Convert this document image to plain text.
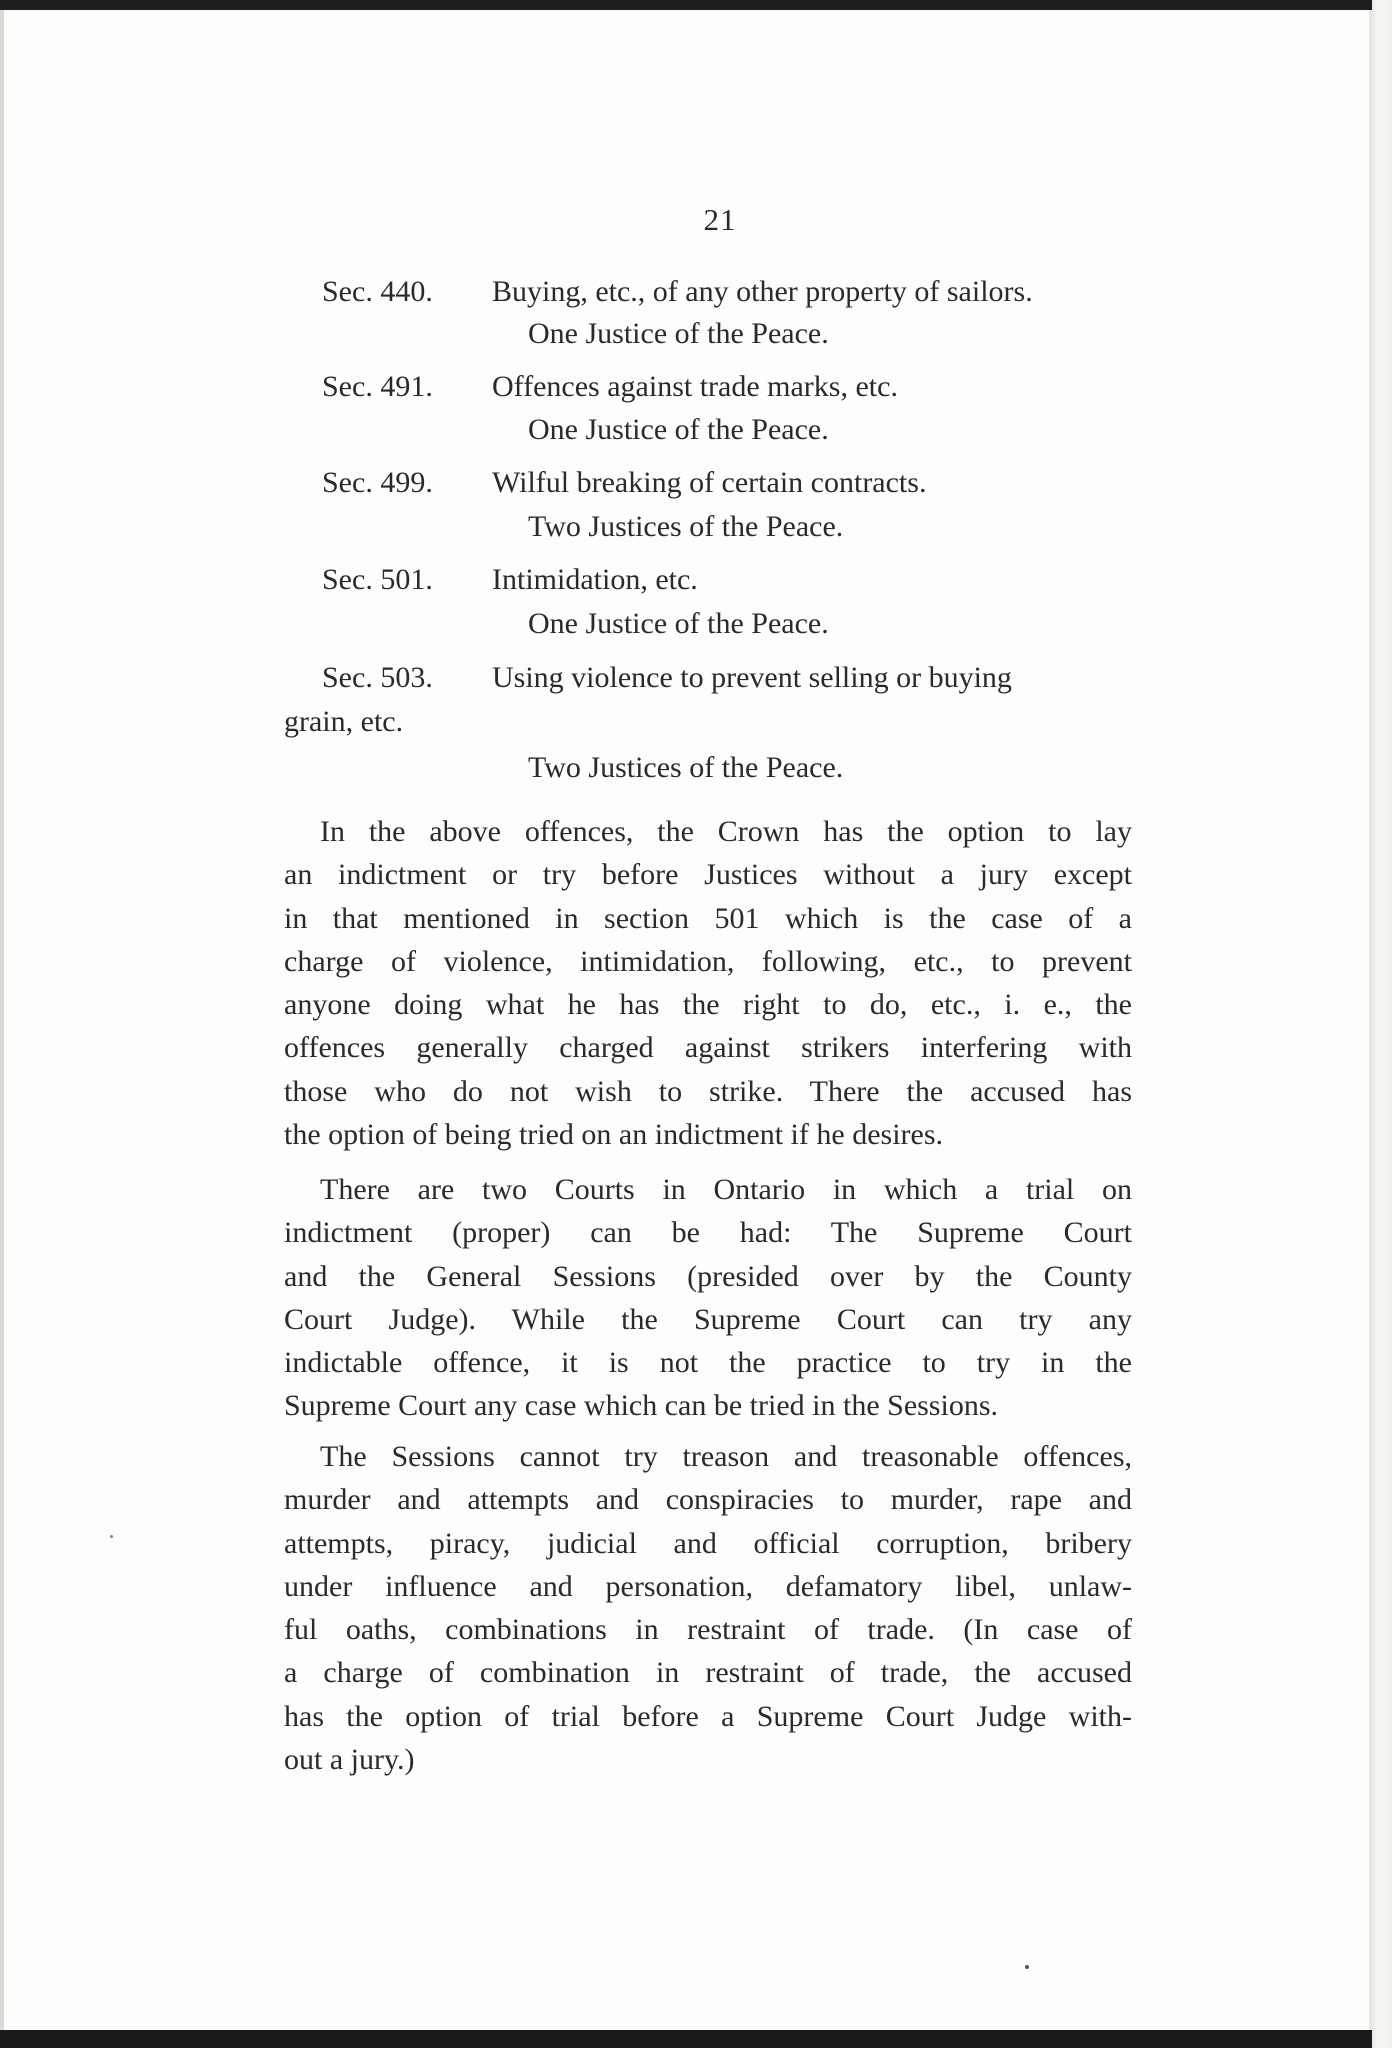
21
Sec. 440. Buying, etc., of any other property of sailors.
One Justice of the Peace.
Sec. 491. Offences against trade marks, etc.
One Justice of the Peace.
Sec. 499. Wilful breaking of certain contracts.
Two Justices of the Peace.
Sec. 501. Intimidation, etc.
One Justice of the Peace.
Sec. 503. Using violence to prevent selling or buying
grain, etc.
Two Justices of the Peace.

In the above offences, the Crown has the option to lay
an indictment or try before Justices without a jury except
in that mentioned in section 501 which is the case of a
charge of violence, intimidation, following, etc., to prevent
anyone doing what he has the right to do, etc., i. e., the
offences generally charged against strikers interfering with
those who do not wish to strike. There the accused has
the option of being tried on an indictment if he desires.

There are two Courts in Ontario in which a trial on
indictment (proper) can be had: The Supreme Court
and the General Sessions (presided over by the County
Court Judge). While the Supreme Court can try any
indictable offence, it is not the practice to try in the
Supreme Court any case which can be tried in the Sessions.

The Sessions cannot try treason and treasonable offences,
murder and attempts and conspiracies to murder, rape and
attempts, piracy, judicial and official corruption, bribery
under influence and personation, defamatory libel, unlaw-
ful oaths, combinations in restraint of trade. (In case of
a charge of combination in restraint of trade, the accused
has the option of trial before a Supreme Court Judge with-
out a jury.)
